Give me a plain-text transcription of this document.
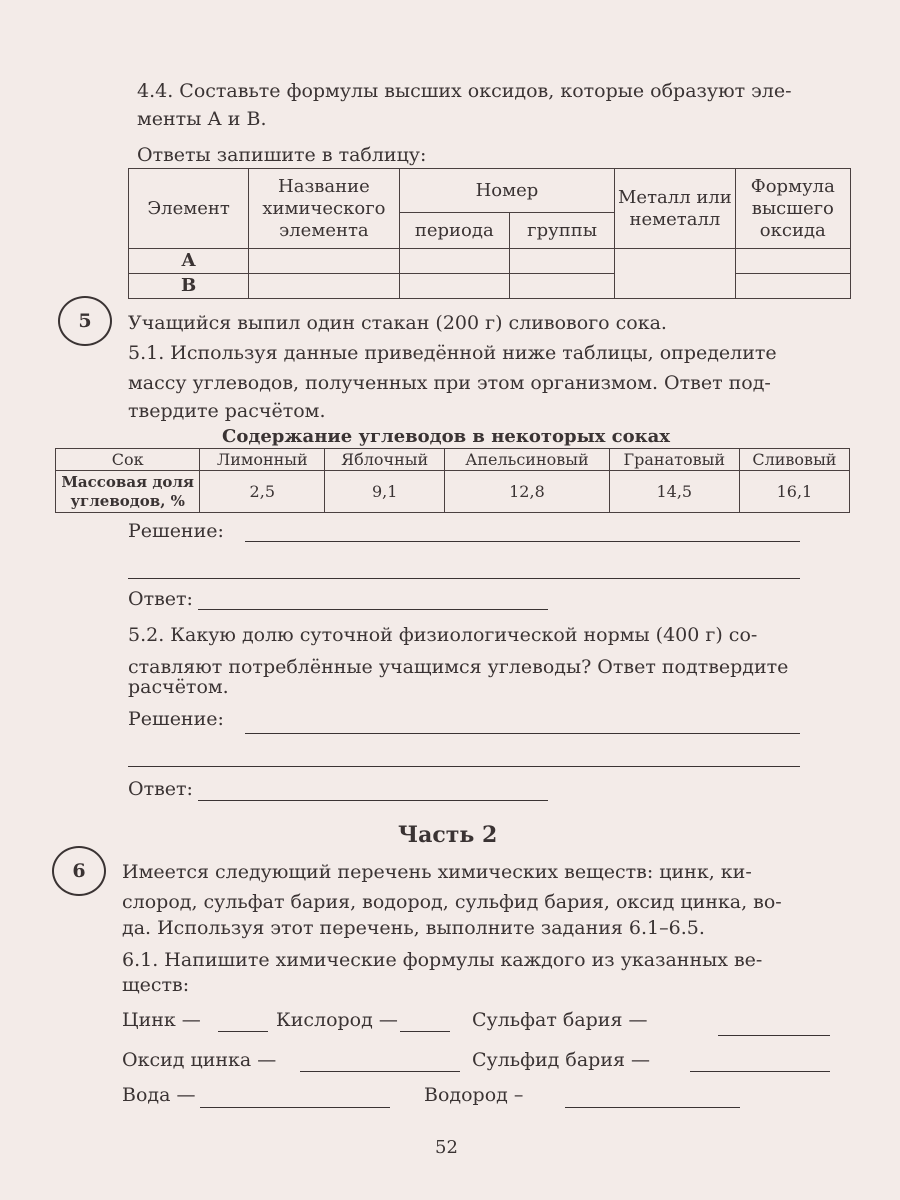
4.4. Составьте формулы высших оксидов, которые образуют эле-
менты А и В.
Ответы запишите в таблицу:
Элемент	Название химического элемента	Номер		Металл или неметалл	Формула высшего оксида
		периода	группы		
А					
В					
5	Учащийся выпил один стакан (200 г) сливового сока.
5.1. Используя данные приведённой ниже таблицы, определите
массу углеводов, полученных при этом организмом. Ответ под-
твердите расчётом.
Содержание углеводов в некоторых соках
Сок	Лимонный	Яблочный	Апельсиновый	Гранатовый	Сливовый
Массовая доля углеводов, %	2,5	9,1	12,8	14,5	16,1
Решение:
Ответ:
5.2. Какую долю суточной физиологической нормы (400 г) со-
ставляют потреблённые учащимся углеводы? Ответ подтвердите
расчётом.
Решение:
Ответ:
Часть 2
6	Имеется следующий перечень химических веществ: цинк, ки-
слород, сульфат бария, водород, сульфид бария, оксид цинка, во-
да. Используя этот перечень, выполните задания 6.1–6.5.
6.1. Напишите химические формулы каждого из указанных ве-
ществ:
Цинк —	Кислород —	Сульфат бария —
Оксид цинка —	Сульфид бария —
Вода —	Водород –
52
